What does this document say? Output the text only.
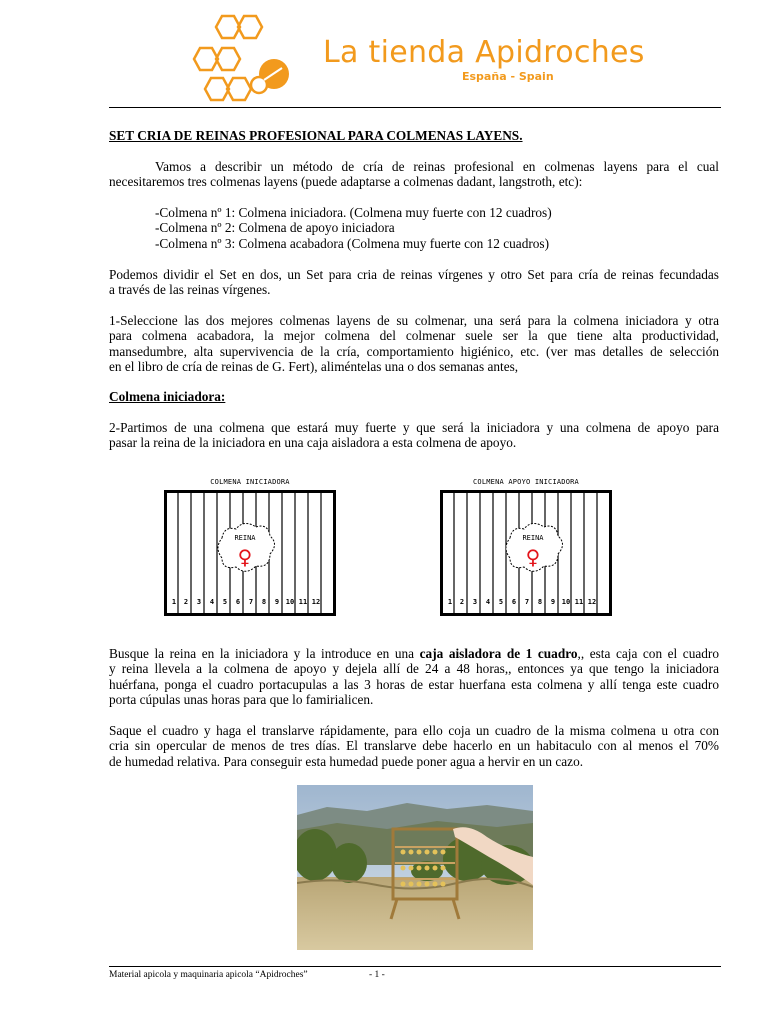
La tienda Apidroches
España - Spain
SET CRIA DE REINAS PROFESIONAL PARA COLMENAS LAYENS.
Vamos a describir un método de cría de reinas profesional en colmenas layens para el cual
necesitaremos tres colmenas layens (puede adaptarse a colmenas dadant, langstroth, etc):
-Colmena nº 1: Colmena iniciadora. (Colmena muy fuerte con 12 cuadros)
-Colmena nº 2: Colmena de apoyo iniciadora
-Colmena nº 3: Colmena acabadora (Colmena muy fuerte con 12 cuadros)
Podemos dividir el Set en dos, un Set para cria de reinas vírgenes y otro Set para cría de reinas fecundadas
a través de las reinas vírgenes.
1-Seleccione las dos mejores colmenas layens de su colmenar, una será para la colmena iniciadora y otra
para colmena acabadora, la mejor colmena del colmenar suele ser la que tiene alta productividad,
mansedumbre, alta supervivencia de la cría, comportamiento higiénico, etc. (ver mas detalles de selección
en el libro de cría de reinas de G. Fert), aliméntelas una o dos semanas antes,
Colmena iniciadora:
2-Partimos de una colmena que estará muy fuerte y que será la iniciadora y una colmena de apoyo para
pasar la reina de la iniciadora en una caja aisladora a esta colmena de apoyo.
COLMENA INICIADORA
REINA
♀
1 2 3 4 5 6 7 8 9 10 11 12
COLMENA APOYO INICIADORA
REINA
♀
1 2 3 4 5 6 7 8 9 10 11 12
Busque la reina en la iniciadora y la introduce en una caja aisladora de 1 cuadro,, esta caja con el cuadro
y reina llevela a la colmena de apoyo y dejela allí de 24 a 48 horas,, entonces ya que tengo la iniciadora
huérfana, ponga el cuadro portacupulas a las 3 horas de estar huerfana esta colmena y allí tenga este cuadro
porta cúpulas unas horas para que lo famirialicen.
Saque el cuadro y haga el translarve rápidamente, para ello coja un cuadro de la misma colmena u otra con
cria sin opercular de menos de tres días. El translarve debe hacerlo en un habitaculo con al menos el 70%
de humedad relativa. Para conseguir esta humedad puede poner agua a hervir en un cazo.
Material apicola y maquinaria apicola “Apidroches”	- 1 -
